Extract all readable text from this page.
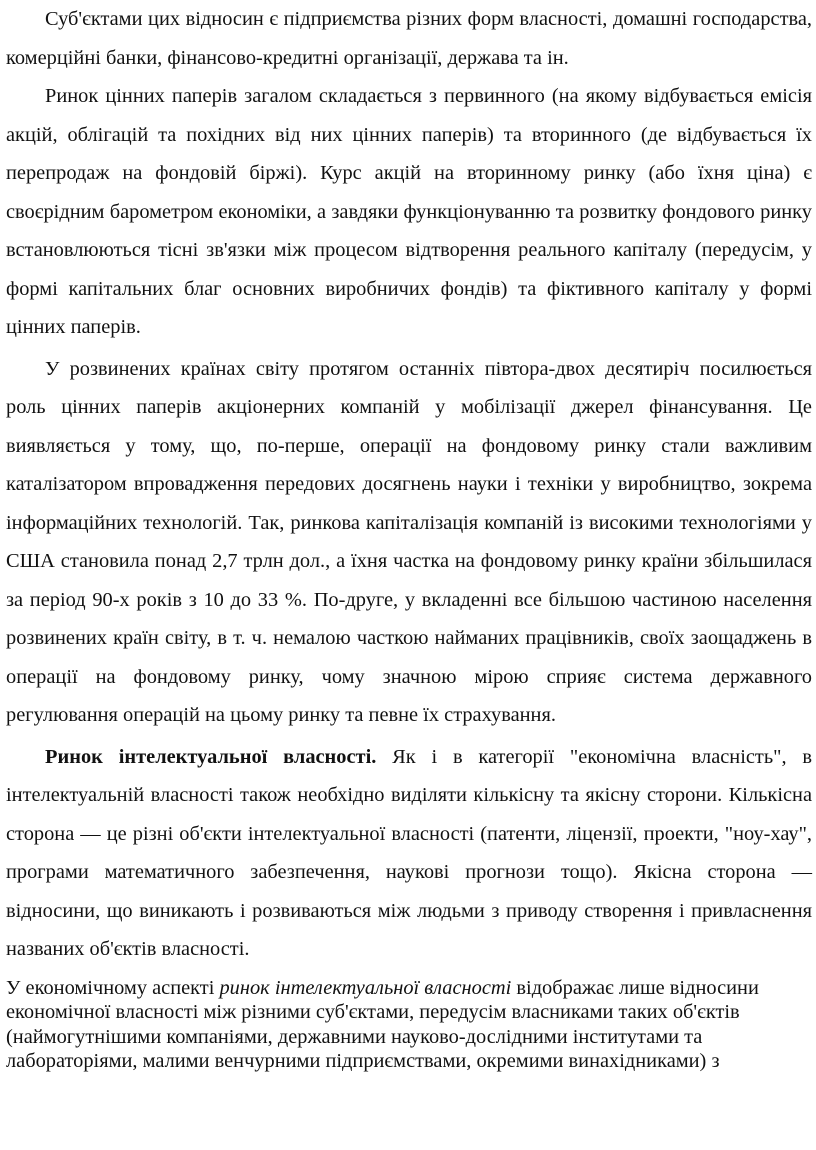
Суб'єктами цих відносин є підприємства різних форм власності, домашні господарства, комерційні банки, фінансово-кредитні організації, держава та ін.

Ринок цінних паперів загалом складається з первинного (на якому відбувається емісія акцій, облігацій та похідних від них цінних паперів) та вторинного (де відбувається їх перепродаж на фондовій біржі). Курс акцій на вторинному ринку (або їхня ціна) є своєрідним барометром економіки, а завдяки функціонуванню та розвитку фондового ринку встановлюються тісні зв'язки між процесом відтворення реального капіталу (передусім, у формі капітальних благ основних виробничих фондів) та фіктивного капіталу у формі цінних паперів.

У розвинених країнах світу протягом останніх півтора-двох десятиріч посилюється роль цінних паперів акціонерних компаній у мобілізації джерел фінансування. Це виявляється у тому, що, по-перше, операції на фондовому ринку стали важливим каталізатором впровадження передових досягнень науки і техніки у виробництво, зокрема інформаційних технологій. Так, ринкова капіталізація компаній із високими технологіями у США становила понад 2,7 трлн дол., а їхня частка на фондовому ринку країни збільшилася за період 90-х років з 10 до 33 %. По-друге, у вкладенні все більшою частиною населення розвинених країн світу, в т. ч. немалою часткою найманих працівників, своїх заощаджень в операції на фондовому ринку, чому значною мірою сприяє система державного регулювання операцій на цьому ринку та певне їх страхування.

Ринок інтелектуальної власності. Як і в категорії "економічна власність", в інтелектуальній власності також необхідно виділяти кількісну та якісну сторони. Кількісна сторона — це різні об'єкти інтелектуальної власності (патенти, ліцензії, проекти, "ноу-хау", програми математичного забезпечення, наукові прогнози тощо). Якісна сторона — відносини, що виникають і розвиваються між людьми з приводу створення і привласнення названих об'єктів власності.

У економічному аспекті ринок інтелектуальної власності відображає лише відносини економічної власності між різними суб'єктами, передусім власниками таких об'єктів (наймогутнішими компаніями, державними науково-дослідними інститутами та лабораторіями, малими венчурними підприємствами, окремими винахідниками) з
